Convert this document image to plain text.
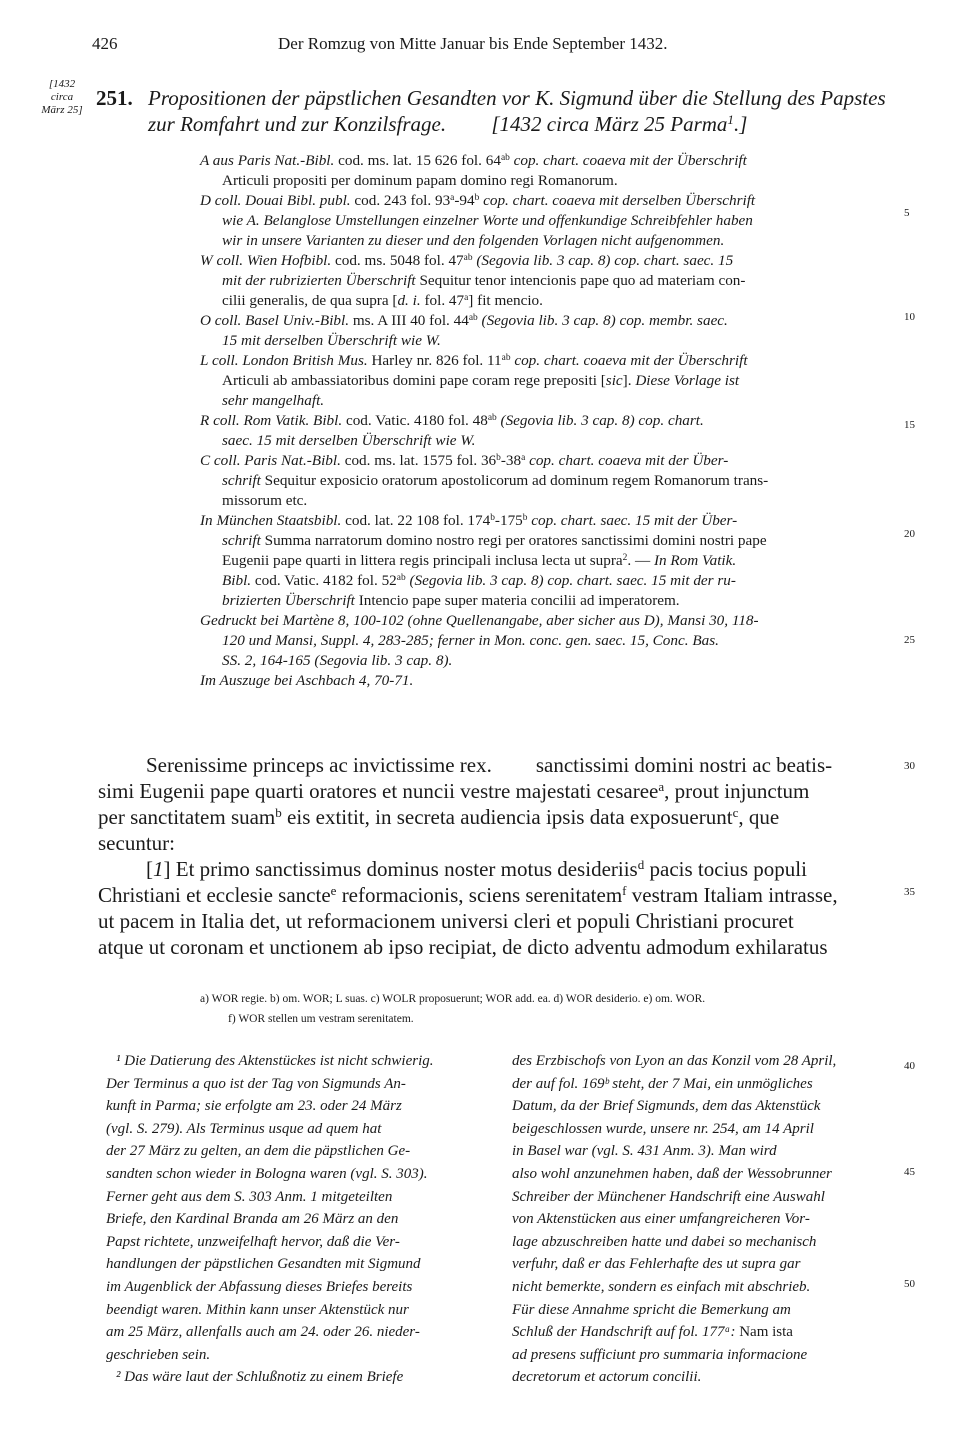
426	Der Romzug von Mitte Januar bis Ende September 1432.
[1432
circa
März 25] 251. Propositionen der päpstlichen Gesandten vor K. Sigmund über die Stellung des Papstes
zur Romfahrt und zur Konzilsfrage. [1432 circa März 25 Parma$^1$.]
A aus Paris Nat.-Bibl. cod. ms. lat. 15 626 fol. $64^{ab}$ cop. chart. coaeva mit der Überschrift
Articuli propositi per dominum papam domino regi Romanorum.
D coll. Douai Bibl. publ. cod. 243 fol. 93$^a$-94$^b$ cop. chart. coaeva mit derselben Überschrift
wie A. Belanglose Umstellungen einzelner Worte und offenkundige Schreibfehler haben
wir in unsere Varianten zu dieser und den folgenden Vorlagen nicht aufgenommen.
W coll. Wien Hofbibl. cod. ms. 5048 fol. $47^{ab}$ (Segovia lib. 3 cap. 8) cop. chart. saec. 15
mit der rubrizierten Überschrift Sequitur tenor intencionis pape quo ad materiam con-
cilii generalis, de qua supra [d. i. fol. 47$^a$] fit mencio.
O coll. Basel Univ.-Bibl. ms. A III 40 fol. $44^{ab}$ (Segovia lib. 3 cap. 8) cop. membr. saec.
15 mit derselben Überschrift wie W.
L coll. London British Mus. Harley nr. 826 fol. $11^{ab}$ cop. chart. coaeva mit der Überschrift
Articuli ab ambassiatoribus domini pape coram rege prepositi [sic]. Diese Vorlage ist
sehr mangelhaft.
R coll. Rom Vatik. Bibl. cod. Vatic. 4180 fol. $48^{ab}$ (Segovia lib. 3 cap. 8) cop. chart.
saec. 15 mit derselben Überschrift wie W.
C coll. Paris Nat.-Bibl. cod. ms. lat. 1575 fol. 36$^b$-38$^a$ cop. chart. coaeva mit der Über-
schrift Sequitur exposicio oratorum apostolicorum ad dominum regem Romanorum trans-
missorum etc.
In München Staatsbibl. cod. lat. 22 108 fol. 174$^b$-175$^b$ cop. chart. saec. 15 mit der Über-
schrift Summa narratorum domino nostro regi per oratores sanctissimi domini nostri pape
Eugenii pape quarti in littera regis principali inclusa lecta ut supra$^2$. — In Rom Vatik.
Bibl. cod. Vatic. 4182 fol. $52^{ab}$ (Segovia lib. 3 cap. 8) cop. chart. saec. 15 mit der ru-
brizierten Überschrift Intencio pape super materia concilii ad imperatorem.
Gedruckt bei Martène 8, 100-102 (ohne Quellenangabe, aber sicher aus D), Mansi 30, 118-
120 und Mansi, Suppl. 4, 283-285; ferner in Mon. conc. gen. saec. 15, Conc. Bas.
SS. 2, 164-165 (Segovia lib. 3 cap. 8).
Im Auszuge bei Aschbach 4, 70-71.
5
10
15
20
25
30
35
40
45
50
Serenissime princeps ac invictissime rex. sanctissimi domini nostri ac beatis-
simi Eugenii pape quarti oratores et nuncii vestre majestati cesaree$^a$, prout injunctum
per sanctitatem suam$^b$ eis extitit, in secreta audiencia ipsis data exposuerunt$^c$, que
secuntur:
[1] Et primo sanctissimus dominus noster motus desideriis$^d$ pacis tocius populi
Christiani et ecclesie sancte$^e$ reformacionis, sciens serenitatem$^f$ vestram Italiam intrasse,
ut pacem in Italia det, ut reformacionem universi cleri et populi Christiani procuret
atque ut coronam et unctionem ab ipso recipiat, de dicto adventu admodum exhilaratus
a) WOR regie. b) om. WOR; L suas. c) WOLR proposuerunt; WOR add. ea. d) WOR desiderio. e) om. WOR.
f) WOR stellen um vestram serenitatem.
¹ Die Datierung des Aktenstückes ist nicht schwierig.
Der Terminus a quo ist der Tag von Sigmunds An-
kunft in Parma; sie erfolgte am 23. oder 24 März
(vgl. S. 279). Als Terminus usque ad quem hat
der 27 März zu gelten, an dem die päpstlichen Ge-
sandten schon wieder in Bologna waren (vgl. S. 303).
Ferner geht aus dem S. 303 Anm. 1 mitgeteilten
Briefe, den Kardinal Branda am 26 März an den
Papst richtete, unzweifelhaft hervor, daß die Ver-
handlungen der päpstlichen Gesandten mit Sigmund
im Augenblick der Abfassung dieses Briefes bereits
beendigt waren. Mithin kann unser Aktenstück nur
am 25 März, allenfalls auch am 24. oder 26. nieder-
geschrieben sein.
² Das wäre laut der Schlußnotiz zu einem Briefe
des Erzbischofs von Lyon an das Konzil vom 28 April,
der auf fol. 169ᵇ steht, der 7 Mai, ein unmögliches
Datum, da der Brief Sigmunds, dem das Aktenstück
beigeschlossen wurde, unsere nr. 254, am 14 April
in Basel war (vgl. S. 431 Anm. 3). Man wird
also wohl anzunehmen haben, daß der Wessobrunner
Schreiber der Münchener Handschrift eine Auswahl
von Aktenstücken aus einer umfangreicheren Vor-
lage abzuschreiben hatte und dabei so mechanisch
verfuhr, daß er das Fehlerhafte des ut supra gar
nicht bemerkte, sondern es einfach mit abschrieb.
Für diese Annahme spricht die Bemerkung am
Schluß der Handschrift auf fol. 177ᵃ: Nam ista
ad presens sufficiunt pro summaria informacione
decretorum et actorum concilii.
